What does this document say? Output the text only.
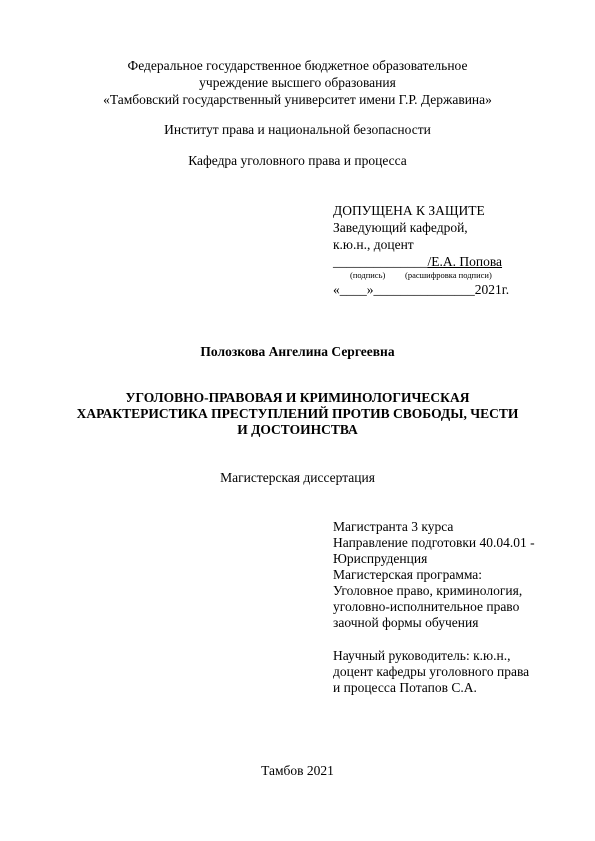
Федеральное государственное бюджетное образовательное
учреждение высшего образования
«Тамбовский государственный университет имени Г.Р. Державина»
Институт права и национальной безопасности
Кафедра уголовного права и процесса
ДОПУЩЕНА К ЗАЩИТЕ
Заведующий кафедрой,
к.ю.н., доцент
______________/Е.А. Попова
(подпись) (расшифровка подписи)
«____»_______________2021г.
Полозкова Ангелина Сергеевна
УГОЛОВНО-ПРАВОВАЯ И КРИМИНОЛОГИЧЕСКАЯ
ХАРАКТЕРИСТИКА ПРЕСТУПЛЕНИЙ ПРОТИВ СВОБОДЫ, ЧЕСТИ
И ДОСТОИНСТВА
Магистерская диссертация
Магистранта 3 курса
Направление подготовки 40.04.01 -
Юриспруденция
Магистерская программа:
Уголовное право, криминология,
уголовно-исполнительное право
заочной формы обучения
Научный руководитель: к.ю.н.,
доцент кафедры уголовного права
и процесса Потапов С.А.
Тамбов 2021
